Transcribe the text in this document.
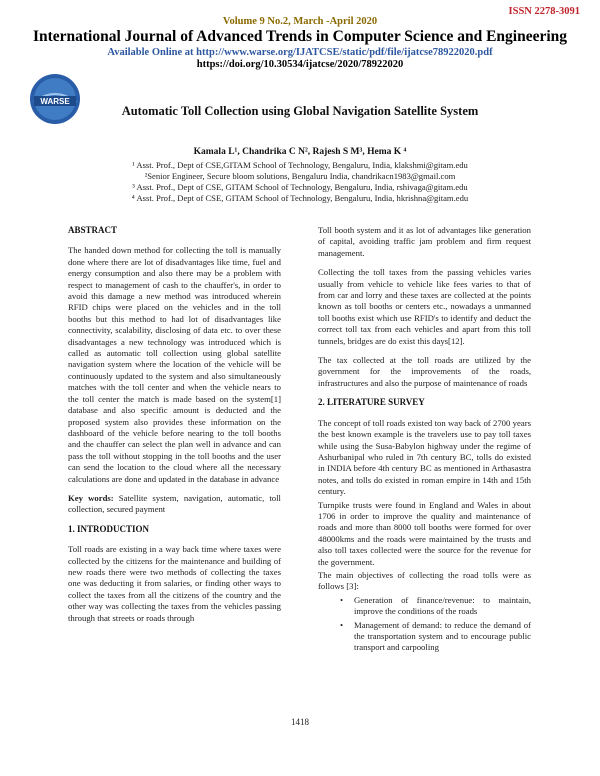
ISSN 2278-3091
Volume 9 No.2, March -April 2020
International Journal of Advanced Trends in Computer Science and Engineering
Available Online at http://www.warse.org/IJATCSE/static/pdf/file/ijatcse78922020.pdf
https://doi.org/10.30534/ijatcse/2020/78922020
WARSE
Automatic Toll Collection using Global Navigation Satellite System
Kamala L¹, Chandrika C N², Rajesh S M³, Hema K ⁴
¹ Asst. Prof., Dept of CSE,GITAM School of Technology, Bengaluru, India, klakshmi@gitam.edu
²Senior Engineer, Secure bloom solutions, Bengaluru India, chandrikacn1983@gmail.com
³ Asst. Prof., Dept of CSE, GITAM School of Technology, Bengaluru, India, rshivaga@gitam.edu
⁴ Asst. Prof., Dept of CSE, GITAM School of Technology, Bengaluru, India, hkrishna@gitam.edu
ABSTRACT

The handed down method for collecting the toll is manually done where there are lot of disadvantages like time, fuel and energy consumption and also there may be a problem with respect to management of cash to the chauffer's, in order to avoid this damage a new method was introduced wherein RFID chips were placed on the vehicles and in the toll booths but this method to had lot of disadvantages like connectivity, scalability, disclosing of data etc. to over these disadvantages a new technology was introduced which is called as automatic toll collection using global satellite navigation system where the location of the vehicle will be continuously updated to the system and also simultaneously matches with the toll center and when the vehicle nears to the toll center the match is made based on the system[1] database and also specific amount is deducted and the proposed system also provides these information on the dashboard of the vehicle before nearing to the toll booths and the chauffer can select the plan well in advance and can pass the toll without stopping in the toll booths and the user can send the location to the cloud where all the necessary calculations are done and updated in the database in advance

Key words: Satellite system, navigation, automatic, toll collection, secured payment

1. INTRODUCTION

Toll roads are existing in a way back time where taxes were collected by the citizens for the maintenance and building of new roads there were two methods of collecting the taxes one was deducting it from salaries, or finding other ways to collect the taxes from all the citizens of the country and the other way was collecting the taxes from the vehicles passing through that streets or roads through

Toll booth system and it as lot of advantages like generation of capital, avoiding traffic jam problem and firm request management.

Collecting the toll taxes from the passing vehicles varies usually from vehicle to vehicle like fees varies to that of from car and lorry and these taxes are collected at the points known as toll booths or centers etc., nowadays a unmanned toll booths exist which use RFID's to identify and deduct the correct toll tax from each vehicles and apart from this toll tunnels, bridges are do exist this days[12].

The tax collected at the toll roads are utilized by the government for the improvements of the roads, infrastructures and also the purpose of maintenance of roads

2. LITERATURE SURVEY

The concept of toll roads existed ton way back of 2700 years the best known example is the travelers use to pay toll taxes while using the Susa-Babylon highway under the regime of Ashurbanipal who ruled in 7th century BC, tolls do existed in INDIA before 4th century BC as mentioned in Arthasastra notes, and tolls do existed in roman empire in 14th and 15th century.

Turnpike trusts were found in England and Wales in about 1706 in order to improve the quality and maintenance of roads and more than 8000 toll booths were formed for over 48000kms and the roads were maintained by the trusts and also toll taxes collected were the source for the revenue for the government.

The main objectives of collecting the road tolls were as follows [3]:

• Generation of finance/revenue: to maintain, improve the conditions of the roads
• Management of demand: to reduce the demand of the transportation system and to encourage public transport and carpooling
1418
